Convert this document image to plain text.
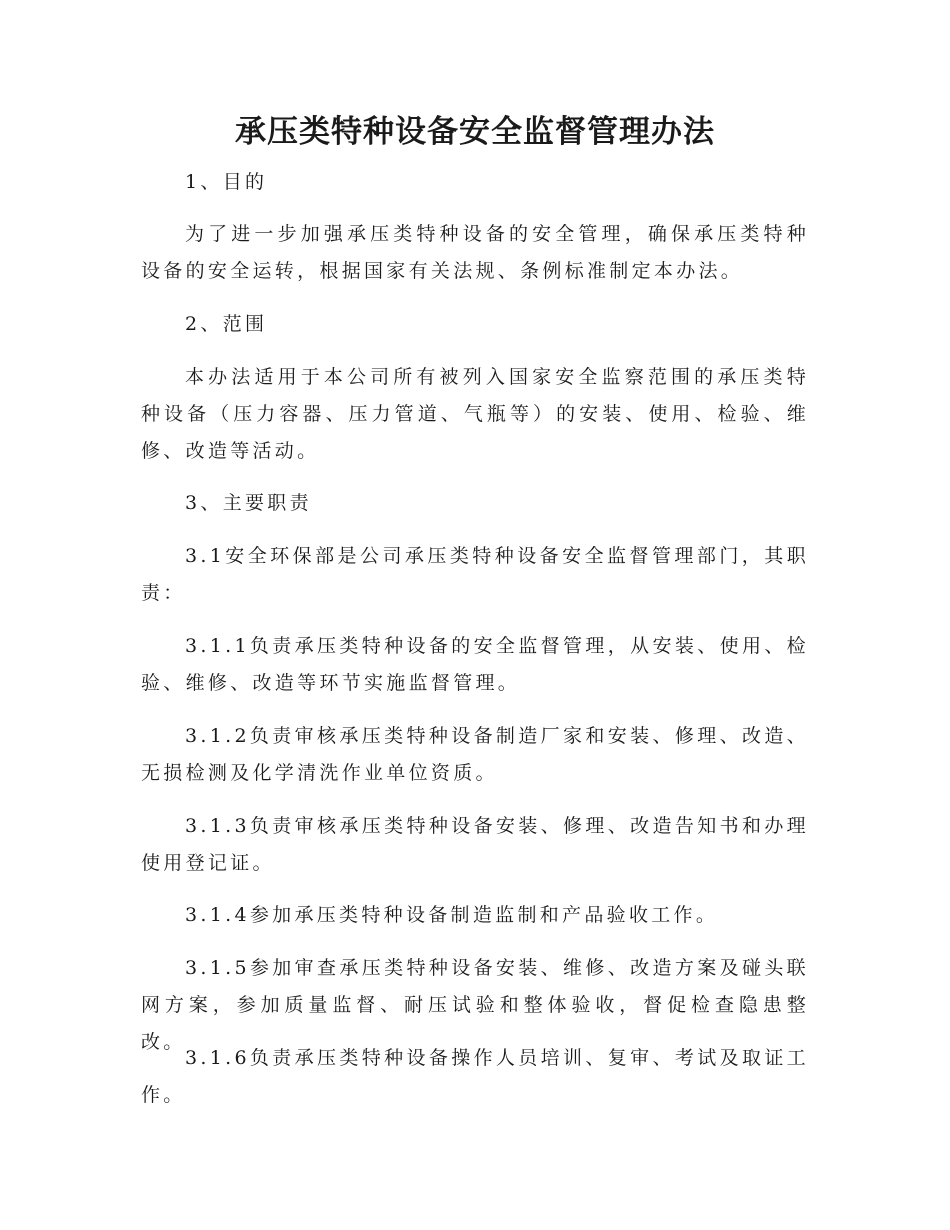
承压类特种设备安全监督管理办法

1、目的

为了进一步加强承压类特种设备的安全管理，确保承压类特种设备的安全运转，根据国家有关法规、条例标准制定本办法。

2、范围

本办法适用于本公司所有被列入国家安全监察范围的承压类特种设备（压力容器、压力管道、气瓶等）的安装、使用、检验、维修、改造等活动。

3、主要职责

3.1安全环保部是公司承压类特种设备安全监督管理部门，其职责：

3.1.1负责承压类特种设备的安全监督管理，从安装、使用、检验、维修、改造等环节实施监督管理。

3.1.2负责审核承压类特种设备制造厂家和安装、修理、改造、无损检测及化学清洗作业单位资质。

3.1.3负责审核承压类特种设备安装、修理、改造告知书和办理使用登记证。

3.1.4参加承压类特种设备制造监制和产品验收工作。

3.1.5参加审查承压类特种设备安装、维修、改造方案及碰头联网方案，参加质量监督、耐压试验和整体验收，督促检查隐患整改。

3.1.6负责承压类特种设备操作人员培训、复审、考试及取证工作。
